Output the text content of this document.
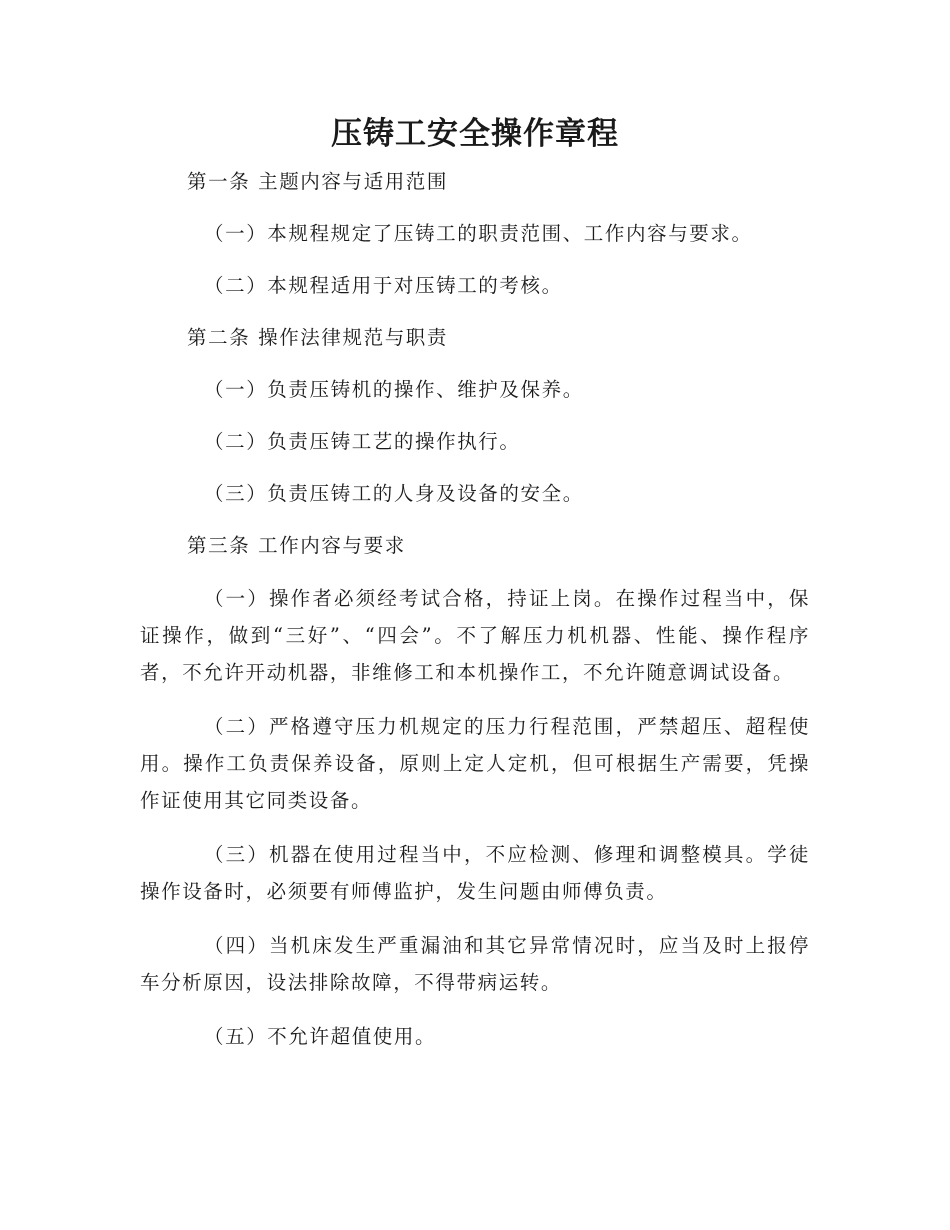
压铸工安全操作章程

第一条 主题内容与适用范围

（一）本规程规定了压铸工的职责范围、工作内容与要求。

（二）本规程适用于对压铸工的考核。

第二条 操作法律规范与职责

（一）负责压铸机的操作、维护及保养。

（二）负责压铸工艺的操作执行。

（三）负责压铸工的人身及设备的安全。

第三条 工作内容与要求

（一）操作者必须经考试合格，持证上岗。在操作过程当中，保证操作，做到“三好”、“四会”。不了解压力机机器、性能、操作程序者，不允许开动机器，非维修工和本机操作工，不允许随意调试设备。

（二）严格遵守压力机规定的压力行程范围，严禁超压、超程使用。操作工负责保养设备，原则上定人定机，但可根据生产需要，凭操作证使用其它同类设备。

（三）机器在使用过程当中，不应检测、修理和调整模具。学徒操作设备时，必须要有师傅监护，发生问题由师傅负责。

（四）当机床发生严重漏油和其它异常情况时，应当及时上报停车分析原因，设法排除故障，不得带病运转。

（五）不允许超值使用。
